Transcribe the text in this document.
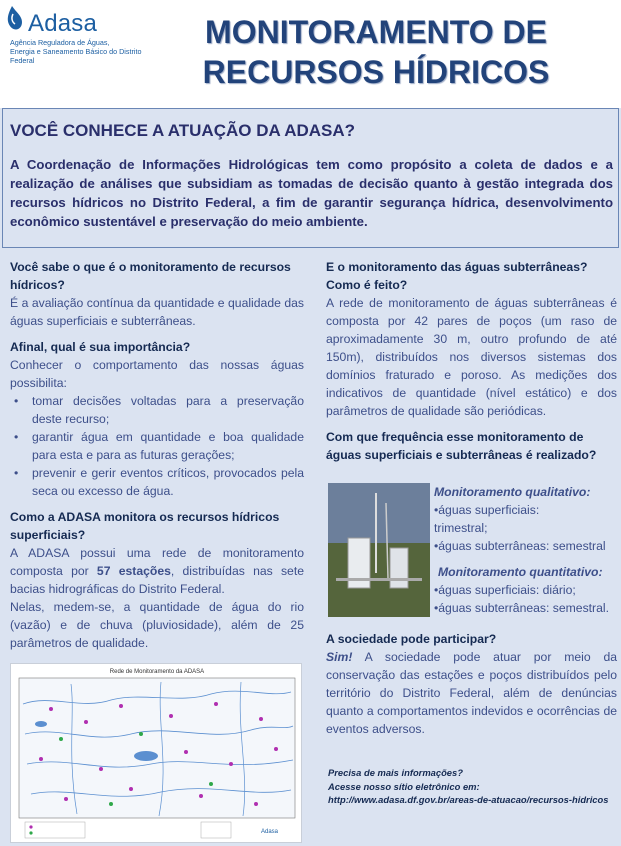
Adasa
Agência Reguladora de Águas,
Energia e Saneamento Básico do Distrito Federal
MONITORAMENTO DE
RECURSOS HÍDRICOS
VOCÊ CONHECE A ATUAÇÃO DA ADASA?
A Coordenação de Informações Hidrológicas tem como propósito a coleta de dados e a realização de análises que subsidiam as tomadas de decisão quanto à gestão integrada dos recursos hídricos no Distrito Federal, a fim de garantir segurança hídrica, desenvolvimento econômico sustentável e preservação do meio ambiente.
Você sabe o que é o monitoramento de recursos hídricos?
É a avaliação contínua da quantidade e qualidade das águas superficiais e subterrâneas.
Afinal, qual é sua importância?
Conhecer o comportamento das nossas águas possibilita:
• tomar decisões voltadas para a preservação deste recurso;
• garantir água em quantidade e boa qualidade para esta e para as futuras gerações;
• prevenir e gerir eventos críticos, provocados pela seca ou excesso de água.
Como a ADASA monitora os recursos hídricos superficiais?
A ADASA possui uma rede de monitoramento composta por 57 estações, distribuídas nas sete bacias hidrográficas do Distrito Federal.
Nelas, medem-se, a quantidade de água do rio (vazão) e de chuva (pluviosidade), além de 25 parâmetros de qualidade.
Rede de Monitoramento da ADASA
Adasa
E o monitoramento das águas subterrâneas? Como é feito?
A rede de monitoramento de águas subterrâneas é composta por 42 pares de poços (um raso de aproximadamente 30 m, outro profundo de até 150m), distribuídos nos diversos sistemas dos domínios fraturado e poroso. As medições dos indicativos de quantidade (nível estático) e dos parâmetros de qualidade são periódicas.
Com que frequência esse monitoramento de águas superficiais e subterrâneas é realizado?
Monitoramento qualitativo:
•águas superficiais:
trimestral;
•águas subterrâneas: semestral
Monitoramento quantitativo:
•águas superficiais: diário;
•águas subterrâneas: semestral.
A sociedade pode participar?
Sim! A sociedade pode atuar por meio da conservação das estações e poços distribuídos pelo território do Distrito Federal, além de denúncias quanto a comportamentos indevidos e ocorrências de eventos adversos.
Precisa de mais informações?
Acesse nosso sítio eletrônico em:
http://www.adasa.df.gov.br/areas-de-atuacao/recursos-hidricos
